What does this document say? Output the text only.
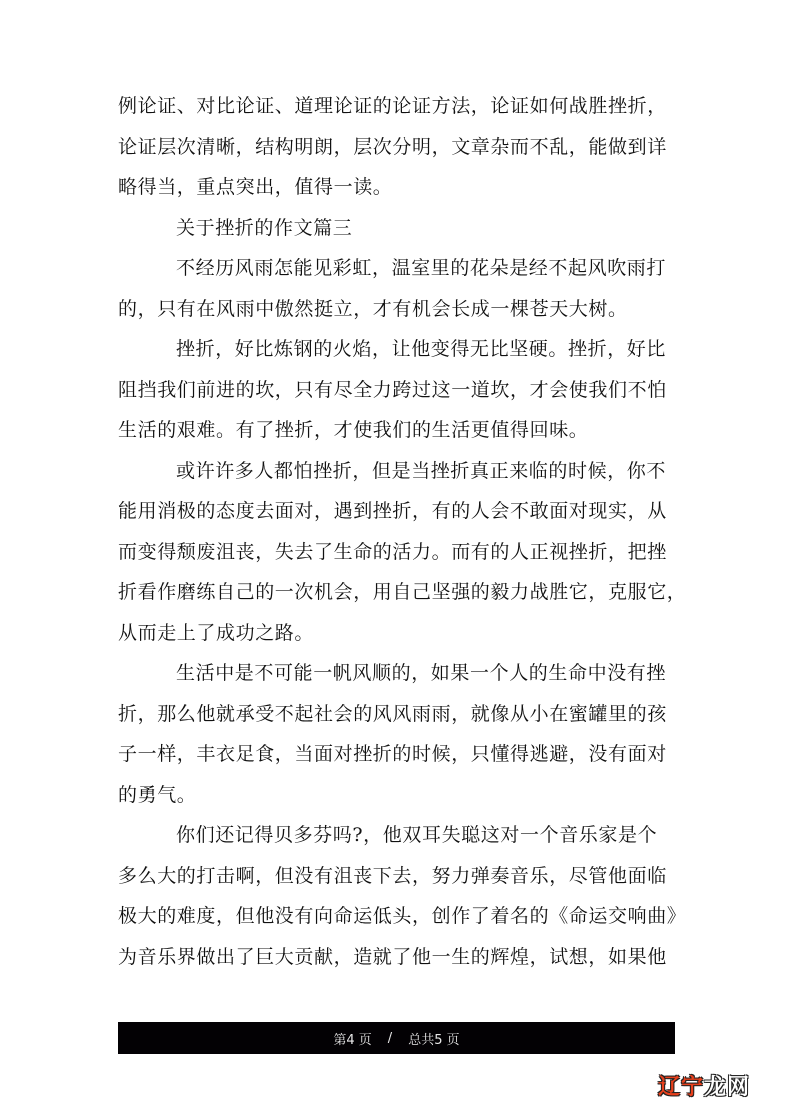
例论证、对比论证、道理论证的论证方法，论证如何战胜挫折，
论证层次清晰，结构明朗，层次分明，文章杂而不乱，能做到详
略得当，重点突出，值得一读。
关于挫折的作文篇三
不经历风雨怎能见彩虹，温室里的花朵是经不起风吹雨打
的，只有在风雨中傲然挺立，才有机会长成一棵苍天大树。
挫折，好比炼钢的火焰，让他变得无比坚硬。挫折，好比
阻挡我们前进的坎，只有尽全力跨过这一道坎，才会使我们不怕
生活的艰难。有了挫折，才使我们的生活更值得回味。
或许许多人都怕挫折，但是当挫折真正来临的时候，你不
能用消极的态度去面对，遇到挫折，有的人会不敢面对现实，从
而变得颓废沮丧，失去了生命的活力。而有的人正视挫折，把挫
折看作磨练自己的一次机会，用自己坚强的毅力战胜它，克服它，
从而走上了成功之路。
生活中是不可能一帆风顺的，如果一个人的生命中没有挫
折，那么他就承受不起社会的风风雨雨，就像从小在蜜罐里的孩
子一样，丰衣足食，当面对挫折的时候，只懂得逃避，没有面对
的勇气。
你们还记得贝多芬吗?，他双耳失聪这对一个音乐家是个
多么大的打击啊，但没有沮丧下去，努力弹奏音乐，尽管他面临
极大的难度，但他没有向命运低头，创作了着名的《命运交响曲》
为音乐界做出了巨大贡献，造就了他一生的辉煌，试想，如果他
第4 页 / 总共5 页
辽宁 龙网
